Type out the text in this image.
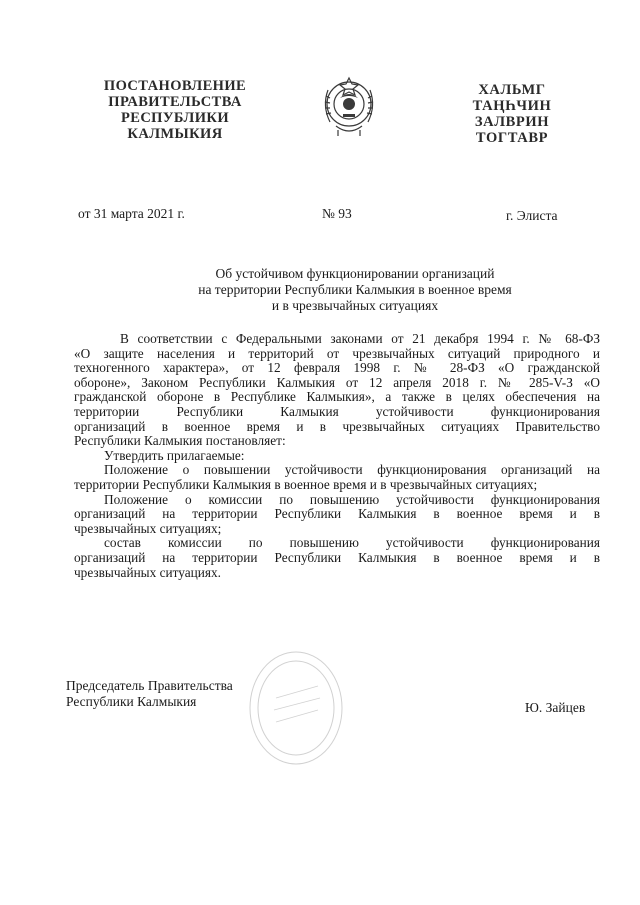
ПОСТАНОВЛЕНИЕ
ПРАВИТЕЛЬСТВА
РЕСПУБЛИКИ
КАЛМЫКИЯ
ХАЛЬМГ
ТАҢҺЧИН
ЗАЛВРИН
ТОГТАВР
от 31 марта 2021 г.	№ 93	г. Элиста
Об устойчивом функционировании организаций
на территории Республики Калмыкия в военное время
и в чрезвычайных ситуациях
В соответствии с Федеральными законами от 21 декабря 1994 г. № 68-ФЗ
«О защите населения и территорий от чрезвычайных ситуаций природного и
техногенного характера», от 12 февраля 1998 г. № 28-ФЗ «О гражданской
обороне», Законом Республики Калмыкия от 12 апреля 2018 г. № 285-V-З «О
гражданской обороне в Республике Калмыкия», а также в целях обеспечения на
территории Республики Калмыкия устойчивости функционирования
организаций в военное время и в чрезвычайных ситуациях Правительство
Республики Калмыкия постановляет:
Утвердить прилагаемые:
Положение о повышении устойчивости функционирования организаций на
территории Республики Калмыкия в военное время и в чрезвычайных ситуациях;
Положение о комиссии по повышению устойчивости функционирования
организаций на территории Республики Калмыкия в военное время и в
чрезвычайных ситуациях;
состав комиссии по повышению устойчивости функционирования
организаций на территории Республики Калмыкия в военное время и в
чрезвычайных ситуациях.
Председатель Правительства
Республики Калмыкия	Ю. Зайцев
